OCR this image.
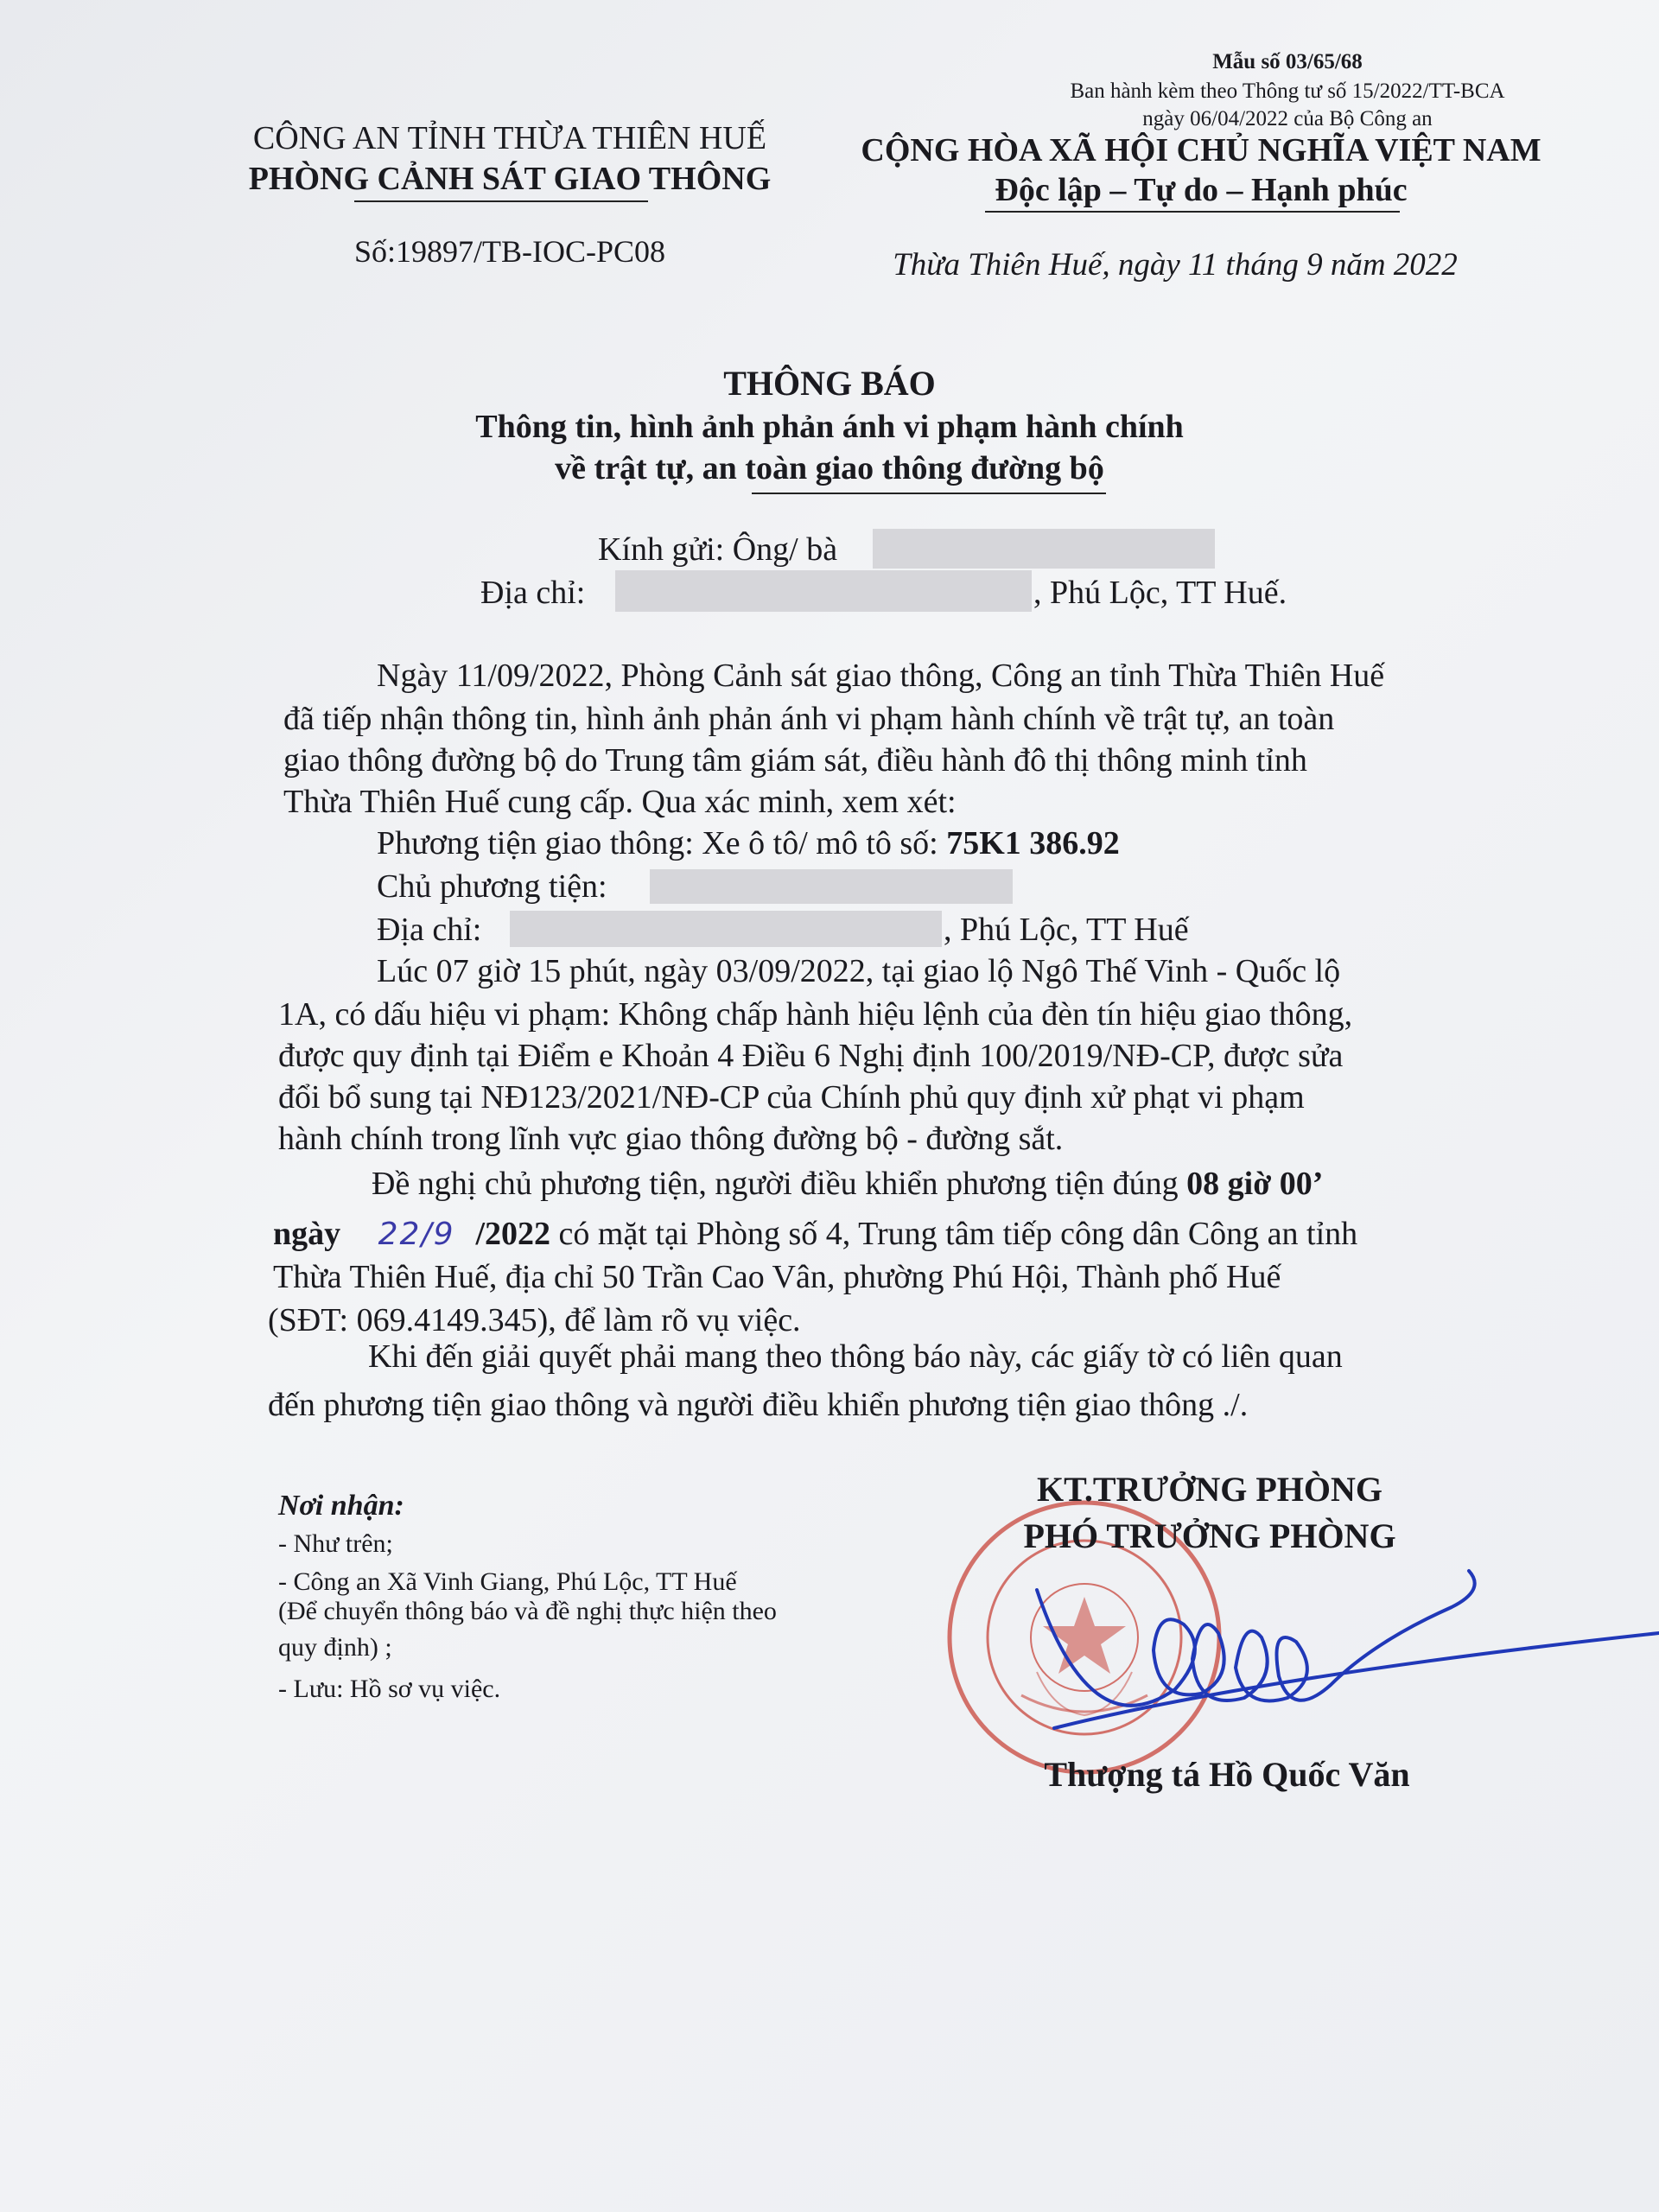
Mẫu số 03/65/68
Ban hành kèm theo Thông tư số 15/2022/TT-BCA
ngày 06/04/2022 của Bộ Công an
CÔNG AN TỈNH THỪA THIÊN HUẾ
PHÒNG CẢNH SÁT GIAO THÔNG
Số:19897/TB-IOC-PC08
CỘNG HÒA XÃ HỘI CHỦ NGHĨA VIỆT NAM
Độc lập – Tự do – Hạnh phúc
Thừa Thiên Huế, ngày 11 tháng 9 năm 2022
THÔNG BÁO
Thông tin, hình ảnh phản ánh vi phạm hành chính
về trật tự, an toàn giao thông đường bộ
Kính gửi: Ông/ bà
Địa chỉ:	, Phú Lộc, TT Huế.
Ngày 11/09/2022, Phòng Cảnh sát giao thông, Công an tỉnh Thừa Thiên Huế
đã tiếp nhận thông tin, hình ảnh phản ánh vi phạm hành chính về trật tự, an toàn
giao thông đường bộ do Trung tâm giám sát, điều hành đô thị thông minh tỉnh
Thừa Thiên Huế cung cấp. Qua xác minh, xem xét:
Phương tiện giao thông: Xe ô tô/ mô tô số: 75K1 386.92
Chủ phương tiện:
Địa chỉ:	, Phú Lộc, TT Huế
Lúc 07 giờ 15 phút, ngày 03/09/2022, tại giao lộ Ngô Thế Vinh - Quốc lộ
1A, có dấu hiệu vi phạm: Không chấp hành hiệu lệnh của đèn tín hiệu giao thông,
được quy định tại Điểm e Khoản 4 Điều 6 Nghị định 100/2019/NĐ-CP, được sửa
đổi bổ sung tại NĐ123/2021/NĐ-CP của Chính phủ quy định xử phạt vi phạm
hành chính trong lĩnh vực giao thông đường bộ - đường sắt.
Đề nghị chủ phương tiện, người điều khiển phương tiện đúng 08 giờ 00’
ngày 22/9 /2022 có mặt tại Phòng số 4, Trung tâm tiếp công dân Công an tỉnh
Thừa Thiên Huế, địa chỉ 50 Trần Cao Vân, phường Phú Hội, Thành phố Huế
(SĐT: 069.4149.345), để làm rõ vụ việc.
Khi đến giải quyết phải mang theo thông báo này, các giấy tờ có liên quan
đến phương tiện giao thông và người điều khiển phương tiện giao thông ./.
Nơi nhận:
- Như trên;
- Công an Xã Vinh Giang, Phú Lộc, TT Huế
(Để chuyển thông báo và đề nghị thực hiện theo
quy định) ;
- Lưu: Hồ sơ vụ việc.
KT.TRƯỞNG PHÒNG
PHÓ TRƯỞNG PHÒNG
Thượng tá Hồ Quốc Văn
